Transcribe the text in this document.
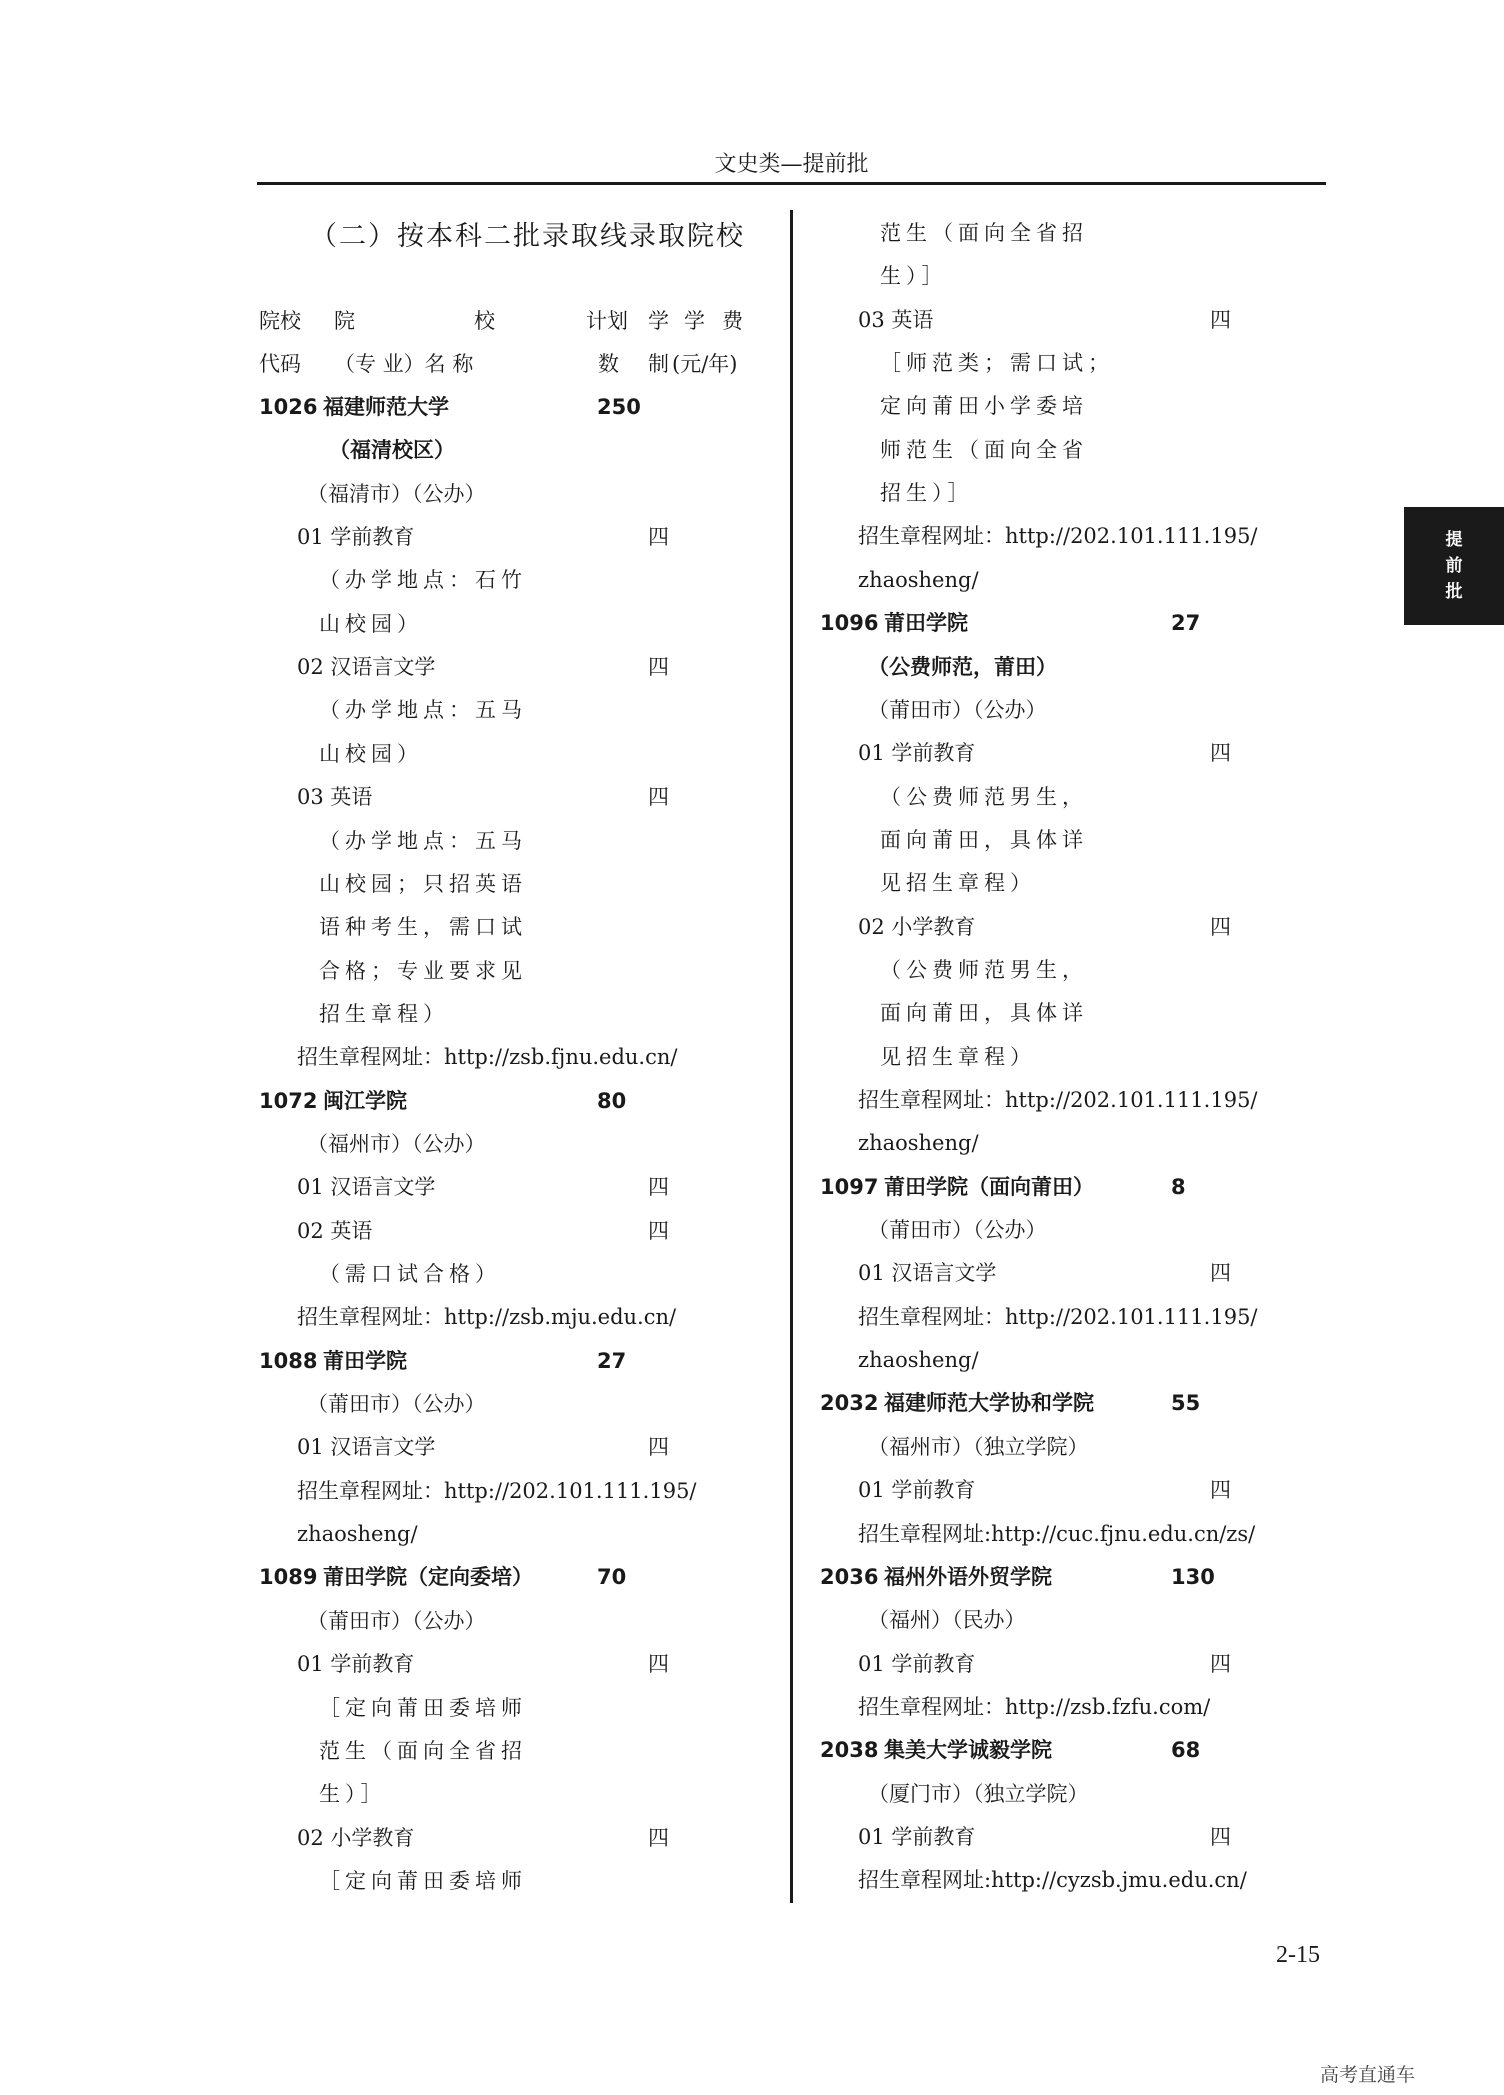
文史类—提前批
提
前
批
（二）按本科二批录取线录取院校
院校 院	校	计划 学 学 费
代码 （专 业）名 称	数 制 (元/年)
1026 福建师范大学	250
（福清校区）
（福清市）（公办）
01 学前教育	四
（办学地点：石竹
山校园）
02 汉语言文学	四
（办学地点：五马
山校园）
03 英语	四
（办学地点：五马
山校园；只招英语
语种考生，需口试
合格；专业要求见
招生章程）
招生章程网址：http://zsb.fjnu.edu.cn/
1072 闽江学院	80
（福州市）（公办）
01 汉语言文学	四
02 英语	四
（需口试合格）
招生章程网址：http://zsb.mju.edu.cn/
1088 莆田学院	27
（莆田市）（公办）
01 汉语言文学	四
招生章程网址：http://202.101.111.195/
zhaosheng/
1089 莆田学院（定向委培）	70
（莆田市）（公办）
01 学前教育	四
［定向莆田委培师
范生（面向全省招
生）］
02 小学教育	四
［定向莆田委培师
范生（面向全省招
生）］
03 英语	四
［师范类；需口试；
定向莆田小学委培
师范生（面向全省
招生）］
招生章程网址：http://202.101.111.195/
zhaosheng/
1096 莆田学院	27
（公费师范，莆田）
（莆田市）（公办）
01 学前教育	四
（公费师范男生，
面向莆田，具体详
见招生章程）
02 小学教育	四
（公费师范男生，
面向莆田，具体详
见招生章程）
招生章程网址：http://202.101.111.195/
zhaosheng/
1097 莆田学院（面向莆田）	8
（莆田市）（公办）
01 汉语言文学	四
招生章程网址：http://202.101.111.195/
zhaosheng/
2032 福建师范大学协和学院	55
（福州市）（独立学院）
01 学前教育	四
招生章程网址:http://cuc.fjnu.edu.cn/zs/
2036 福州外语外贸学院	130
（福州）（民办）
01 学前教育	四
招生章程网址：http://zsb.fzfu.com/
2038 集美大学诚毅学院	68
（厦门市）（独立学院）
01 学前教育	四
招生章程网址:http://cyzsb.jmu.edu.cn/
2-15
高考直通车
